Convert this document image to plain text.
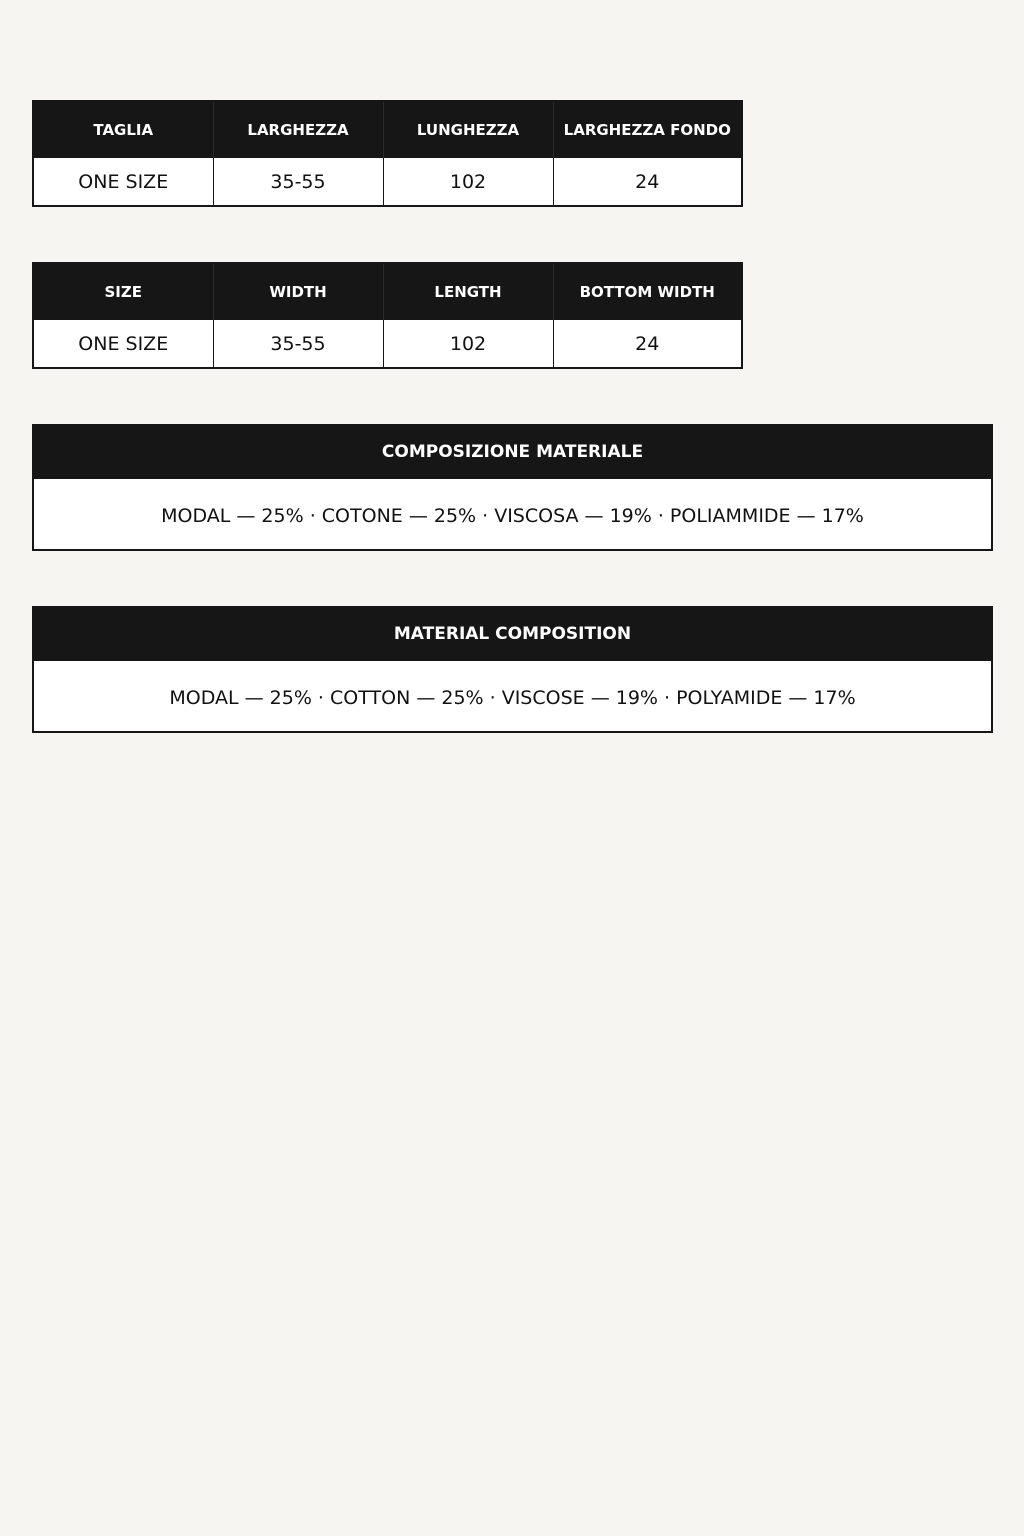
TAGLIA	LARGHEZZA	LUNGHEZZA	LARGHEZZA FONDO
ONE SIZE	35-55	102	24
SIZE	WIDTH	LENGTH	BOTTOM WIDTH
ONE SIZE	35-55	102	24
COMPOSIZIONE MATERIALE
MODAL — 25% · COTONE — 25% · VISCOSA — 19% · POLIAMMIDE — 17%
MATERIAL COMPOSITION
MODAL — 25% · COTTON — 25% · VISCOSE — 19% · POLYAMIDE — 17%
